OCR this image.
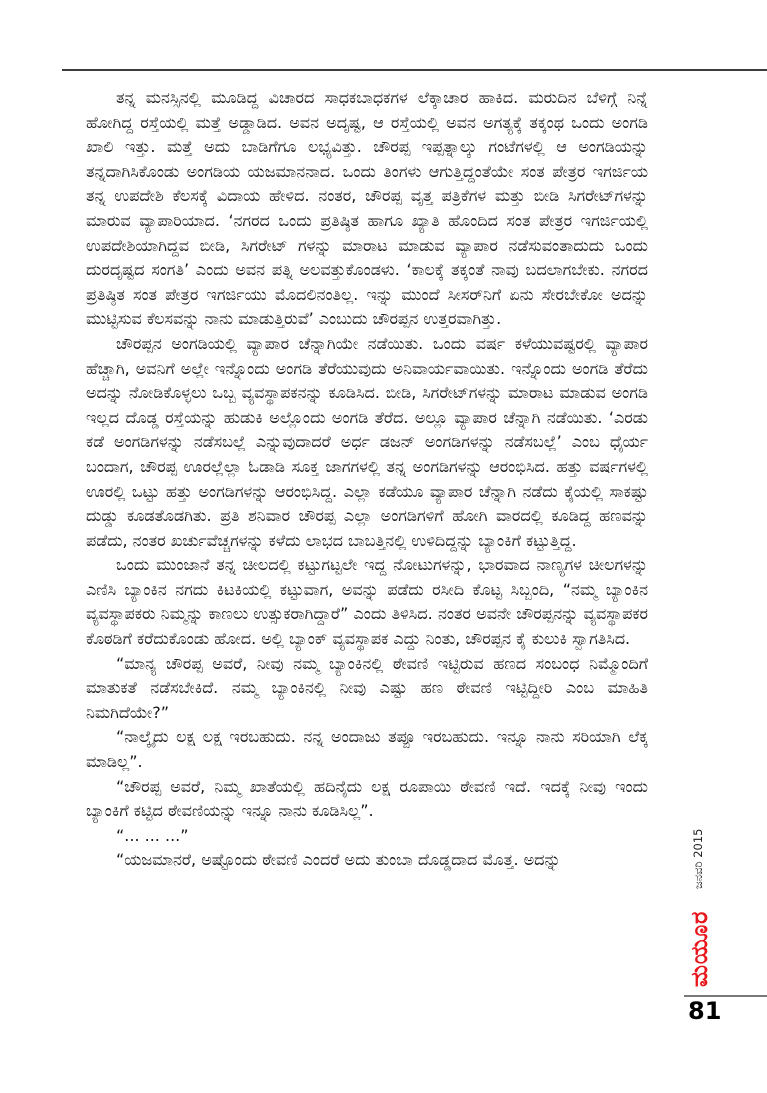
ತನ್ನ ಮನಸ್ಸಿನಲ್ಲಿ ಮೂಡಿದ್ದ ವಿಚಾರದ ಸಾಧಕಬಾಧಕಗಳ ಲೆಕ್ಕಾಚಾರ ಹಾಕಿದ. ಮರುದಿನ ಬೆಳಿಗ್ಗೆ ನಿನ್ನೆ ಹೋಗಿದ್ದ ರಸ್ತೆಯಲ್ಲಿ ಮತ್ತೆ ಅಡ್ಡಾಡಿದ. ಅವನ ಅದೃಷ್ಟ, ಆ ರಸ್ತೆಯಲ್ಲಿ ಅವನ ಅಗತ್ಯಕ್ಕೆ ತಕ್ಕಂಥ ಒಂದು ಅಂಗಡಿ ಖಾಲಿ ಇತ್ತು. ಮತ್ತೆ ಅದು ಬಾಡಿಗೆಗೂ ಲಭ್ಯವಿತ್ತು. ಚೌರಪ್ಪ ಇಪ್ಪತ್ನಾಲ್ಕು ಗಂಟೆಗಳಲ್ಲಿ ಆ ಅಂಗಡಿಯನ್ನು ತನ್ನದಾಗಿಸಿಕೊಂಡು ಅಂಗಡಿಯ ಯಜಮಾನನಾದ. ಒಂದು ತಿಂಗಳು ಆಗುತ್ತಿದ್ದಂತೆಯೇ ಸಂತ ಪೇತ್ರರ ಇಗರ್ಜಿಯ ತನ್ನ ಉಪದೇಶಿ ಕೆಲಸಕ್ಕೆ ವಿದಾಯ ಹೇಳಿದ. ನಂತರ, ಚೌರಪ್ಪ ವೃತ್ತ ಪತ್ರಿಕೆಗಳ ಮತ್ತು ಬೀಡಿ ಸಿಗರೇಟ್‌ಗಳನ್ನು ಮಾರುವ ವ್ಯಾಪಾರಿಯಾದ. ‘ನಗರದ ಒಂದು ಪ್ರತಿಷ್ಠಿತ ಹಾಗೂ ಖ್ಯಾತಿ ಹೊಂದಿದ ಸಂತ ಪೇತ್ರರ ಇಗರ್ಜಿಯಲ್ಲಿ ಉಪದೇಶಿಯಾಗಿದ್ದವ ಬೀಡಿ, ಸಿಗರೇಟ್ ಗಳನ್ನು ಮಾರಾಟ ಮಾಡುವ ವ್ಯಾಪಾರ ನಡೆಸುವಂತಾದುದು ಒಂದು ದುರದೃಷ್ಟದ ಸಂಗತಿ’ ಎಂದು ಅವನ ಪತ್ನಿ ಅಲವತ್ತುಕೊಂಡಳು. ‘ಕಾಲಕ್ಕೆ ತಕ್ಕಂತೆ ನಾವು ಬದಲಾಗಬೇಕು. ನಗರದ ಪ್ರತಿಷ್ಠಿತ ಸಂತ ಪೇತ್ರರ ಇಗರ್ಜಿಯು ಮೊದಲಿನಂತಿಲ್ಲ. ಇನ್ನು ಮುಂದೆ ಸೀಸರ್‌ನಿಗೆ ಏನು ಸೇರಬೇಕೋ ಅದನ್ನು ಮುಟ್ಟಿಸುವ ಕೆಲಸವನ್ನು ನಾನು ಮಾಡುತ್ತಿರುವೆ’ ಎಂಬುದು ಚೌರಪ್ಪನ ಉತ್ತರವಾಗಿತ್ತು.

ಚೌರಪ್ಪನ ಅಂಗಡಿಯಲ್ಲಿ ವ್ಯಾಪಾರ ಚೆನ್ನಾಗಿಯೇ ನಡೆಯಿತು. ಒಂದು ವರ್ಷ ಕಳೆಯುವಷ್ಟರಲ್ಲಿ ವ್ಯಾಪಾರ ಹೆಚ್ಚಾಗಿ, ಅವನಿಗೆ ಅಲ್ಲೇ ಇನ್ನೊಂದು ಅಂಗಡಿ ತೆರೆಯುವುದು ಅನಿವಾರ್ಯವಾಯಿತು. ಇನ್ನೊಂದು ಅಂಗಡಿ ತೆರೆದು ಅದನ್ನು ನೋಡಿಕೊಳ್ಳಲು ಒಬ್ಬ ವ್ಯವಸ್ಥಾಪಕನನ್ನು ಕೂಡಿಸಿದ. ಬೀಡಿ, ಸಿಗರೇಟ್‌ಗಳನ್ನು ಮಾರಾಟ ಮಾಡುವ ಅಂಗಡಿ ಇಲ್ಲದ ದೊಡ್ಡ ರಸ್ತೆಯನ್ನು ಹುಡುಕಿ ಅಲ್ಲೊಂದು ಅಂಗಡಿ ತೆರೆದ. ಅಲ್ಲೂ ವ್ಯಾಪಾರ ಚೆನ್ನಾಗಿ ನಡೆಯಿತು. ‘ಎರಡು ಕಡೆ ಅಂಗಡಿಗಳನ್ನು ನಡೆಸಬಲ್ಲೆ ಎನ್ನುವುದಾದರೆ ಅರ್ಧ ಡಜನ್ ಅಂಗಡಿಗಳನ್ನು ನಡೆಸಬಲ್ಲೆ’ ಎಂಬ ಧೈರ್ಯ ಬಂದಾಗ, ಚೌರಪ್ಪ ಊರಲ್ಲೆಲ್ಲಾ ಓಡಾಡಿ ಸೂಕ್ತ ಜಾಗಗಳಲ್ಲಿ ತನ್ನ ಅಂಗಡಿಗಳನ್ನು ಆರಂಭಿಸಿದ. ಹತ್ತು ವರ್ಷಗಳಲ್ಲಿ ಊರಲ್ಲಿ ಒಟ್ಟು ಹತ್ತು ಅಂಗಡಿಗಳನ್ನು ಆರಂಭಿಸಿದ್ದ. ಎಲ್ಲಾ ಕಡೆಯೂ ವ್ಯಾಪಾರ ಚೆನ್ನಾಗಿ ನಡೆದು ಕೈಯಲ್ಲಿ ಸಾಕಷ್ಟು ದುಡ್ಡು ಕೂಡತೊಡಗಿತು. ಪ್ರತಿ ಶನಿವಾರ ಚೌರಪ್ಪ ಎಲ್ಲಾ ಅಂಗಡಿಗಳಿಗೆ ಹೋಗಿ ವಾರದಲ್ಲಿ ಕೂಡಿದ್ದ ಹಣವನ್ನು ಪಡೆದು, ನಂತರ ಖರ್ಚುವೆಚ್ಚಗಳನ್ನು ಕಳೆದು ಲಾಭದ ಬಾಬತ್ತಿನಲ್ಲಿ ಉಳಿದಿದ್ದನ್ನು ಬ್ಯಾಂಕಿಗೆ ಕಟ್ಟುತ್ತಿದ್ದ.

ಒಂದು ಮುಂಜಾನೆ ತನ್ನ ಚೀಲದಲ್ಲಿ ಕಟ್ಟುಗಟ್ಟಲೇ ಇದ್ದ ನೋಟುಗಳನ್ನು, ಭಾರವಾದ ನಾಣ್ಯಗಳ ಚೀಲಗಳನ್ನು ಎಣಿಸಿ ಬ್ಯಾಂಕಿನ ನಗದು ಕಿಟಕಿಯಲ್ಲಿ ಕಟ್ಟುವಾಗ, ಅವನ್ನು ಪಡೆದು ರಸೀದಿ ಕೊಟ್ಟ ಸಿಬ್ಬಂದಿ, “ನಮ್ಮ ಬ್ಯಾಂಕಿನ ವ್ಯವಸ್ಥಾಪಕರು ನಿಮ್ಮನ್ನು ಕಾಣಲು ಉತ್ಸುಕರಾಗಿದ್ದಾರೆ” ಎಂದು ತಿಳಿಸಿದ. ನಂತರ ಅವನೇ ಚೌರಪ್ಪನನ್ನು ವ್ಯವಸ್ಥಾಪಕರ ಕೊಠಡಿಗೆ ಕರೆದುಕೊಂಡು ಹೋದ. ಅಲ್ಲಿ ಬ್ಯಾಂಕ್ ವ್ಯವಸ್ಥಾಪಕ ಎದ್ದು ನಿಂತು, ಚೌರಪ್ಪನ ಕೈ ಕುಲುಕಿ ಸ್ವಾಗತಿಸಿದ.

“ಮಾನ್ಯ ಚೌರಪ್ಪ ಅವರೆ, ನೀವು ನಮ್ಮ ಬ್ಯಾಂಕಿನಲ್ಲಿ ಠೇವಣಿ ಇಟ್ಟಿರುವ ಹಣದ ಸಂಬಂಧ ನಿಮ್ಮೊಂದಿಗೆ ಮಾತುಕತೆ ನಡೆಸಬೇಕಿದೆ. ನಮ್ಮ ಬ್ಯಾಂಕಿನಲ್ಲಿ ನೀವು ಎಷ್ಟು ಹಣ ಠೇವಣಿ ಇಟ್ಟಿದ್ದೀರಿ ಎಂಬ ಮಾಹಿತಿ ನಿಮಗಿದೆಯೇ?”

“ನಾಲ್ಕೈದು ಲಕ್ಷ ಲಕ್ಷ ಇರಬಹುದು. ನನ್ನ ಅಂದಾಜು ತಪ್ಪೂ ಇರಬಹುದು. ಇನ್ನೂ ನಾನು ಸರಿಯಾಗಿ ಲೆಕ್ಕ ಮಾಡಿಲ್ಲ”.

“ಚೌರಪ್ಪ ಅವರೆ, ನಿಮ್ಮ ಖಾತೆಯಲ್ಲಿ ಹದಿನೈದು ಲಕ್ಷ ರೂಪಾಯಿ ಠೇವಣಿ ಇದೆ. ಇದಕ್ಕೆ ನೀವು ಇಂದು ಬ್ಯಾಂಕಿಗೆ ಕಟ್ಟಿದ ಠೇವಣಿಯನ್ನು ಇನ್ನೂ ನಾನು ಕೂಡಿಸಿಲ್ಲ”.

“... ... ...”

“ಯಜಮಾನರೆ, ಅಷ್ಟೊಂದು ಠೇವಣಿ ಎಂದರೆ ಅದು ತುಂಬಾ ದೊಡ್ಡದಾದ ಮೊತ್ತ. ಅದನ್ನು	ಜನವರಿ 2015
ಮಯೂರ
81
